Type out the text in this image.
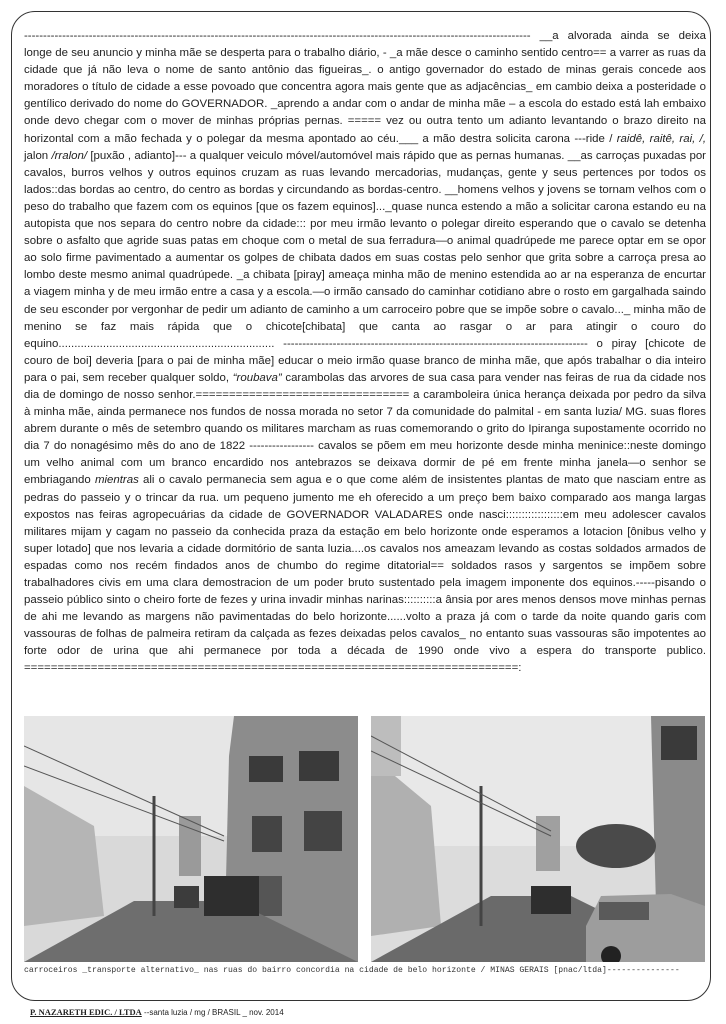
------------------------------------------------------------------------------------------------------------------------------------- __a alvorada ainda se deixa longe de seu anuncio y minha mãe se desperta para o trabalho diário, - _a mãe desce o caminho sentido centro== a varrer as ruas da cidade que já não leva o nome de santo antônio das figueiras_. o antigo governador do estado de minas gerais concede aos moradores o título de cidade a esse povoado que concentra agora mais gente que as adjacências_ em cambio deixa a posteridade o gentílico derivado do nome do GOVERNADOR. _aprendo a andar com o andar de minha mãe – a escola do estado está lah embaixo onde devo chegar com o mover de minhas próprias pernas. ===== vez ou outra tento um adianto levantando o brazo direito na horizontal com a mão fechada y o polegar da mesma apontado ao céu.___ a mão destra solicita carona ---ride / raidê, raitê, rai, /, jalon /rralon/ [puxão , adianto]--- a qualquer veiculo móvel/automóvel mais rápido que as pernas humanas. __as carroças puxadas por cavalos, burros velhos y outros equinos cruzam as ruas levando mercadorias, mudanças, gente y seus pertences por todos os lados::das bordas ao centro, do centro as bordas y circundando as bordas-centro. __homens velhos y jovens se tornam velhos com o peso do trabalho que fazem com os equinos [que os fazem equinos]..._quase nunca estendo a mão a solicitar carona estando eu na autopista que nos separa do centro nobre da cidade::: por meu irmão levanto o polegar direito esperando que o cavalo se detenha sobre o asfalto que agride suas patas em choque com o metal de sua ferradura—o animal quadrúpede me parece optar em se opor ao solo firme pavimentado a aumentar os golpes de chibata dados em suas costas pelo senhor que grita sobre a carroça presa ao lombo deste mesmo animal quadrúpede. _a chibata [piray] ameaça minha mão de menino estendida ao ar na esperanza de encurtar a viagem minha y de meu irmão entre a casa y a escola.—o irmão cansado do caminhar cotidiano abre o rosto em gargalhada saindo de seu esconder por vergonhar de pedir um adianto de caminho a um carroceiro pobre que se impõe sobre o cavalo..._ minha mão de menino se faz mais rápida que o chicote[chibata] que canta ao rasgar o ar para atingir o couro do equino.................................................................... -------------------------------------------------------------------------------- o piray [chicote de couro de boi] deveria [para o pai de minha mãe] educar o meio irmão quase branco de minha mãe, que após trabalhar o dia inteiro para o pai, sem receber qualquer soldo, “roubava” carambolas das arvores de sua casa para vender nas feiras de rua da cidade nos dia de domingo de nosso senhor.================================ a caramboleira única herança deixada por pedro da silva à minha mãe, ainda permanece nos fundos de nossa morada no setor 7 da comunidade do palmital - em santa luzia/ MG. suas flores abrem durante o mês de setembro quando os militares marcham as ruas comemorando o grito do Ipiranga supostamente ocorrido no dia 7 do nonagésimo mês do ano de 1822 ----------------- cavalos se põem em meu horizonte desde minha meninice::neste domingo um velho animal com um branco encardido nos antebrazos se deixava dormir de pé em frente minha janela—o senhor se embriagando mientras ali o cavalo permanecia sem agua e o que come além de insistentes plantas de mato que nasciam entre as pedras do passeio y o trincar da rua. um pequeno jumento me eh oferecido a um preço bem baixo comparado aos manga largas expostos nas feiras agropecuárias da cidade de GOVERNADOR VALADARES onde nasci::::::::::::::::::em meu adolescer cavalos militares mijam y cagam no passeio da conhecida praza da estação em belo horizonte onde esperamos a lotacion [ônibus velho y super lotado] que nos levaria a cidade dormitório de santa luzia....os cavalos nos ameazam levando as costas soldados armados de espadas como nos recém findados anos de chumbo do regime ditatorial== soldados rasos y sargentos se impõem sobre trabalhadores civis em uma clara demostracion de um poder bruto sustentado pela imagem imponente dos equinos.-----pisando o passeio público sinto o cheiro forte de fezes y urina invadir minhas narinas::::::::::a ânsia por ares menos densos move minhas pernas de ahi me levando as margens não pavimentadas do belo horizonte......volto a praza já com o tarde da noite quando garis com vassouras de folhas de palmeira retiram da calçada as fezes deixadas pelos cavalos_ no entanto suas vassouras são impotentes ao forte odor de urina que ahi permanece por toda a década de 1990 onde vivo a espera do transporte publico. ==========================================================================:

carroceiros _transporte alternativo_ nas ruas do bairro concordia na cidade de belo horizonte / MINAS GERAIS [pnac/ltda]---------------
P. NAZARETH EDIC. / LTDA --santa luzia / mg / BRASIL _ nov. 2014
